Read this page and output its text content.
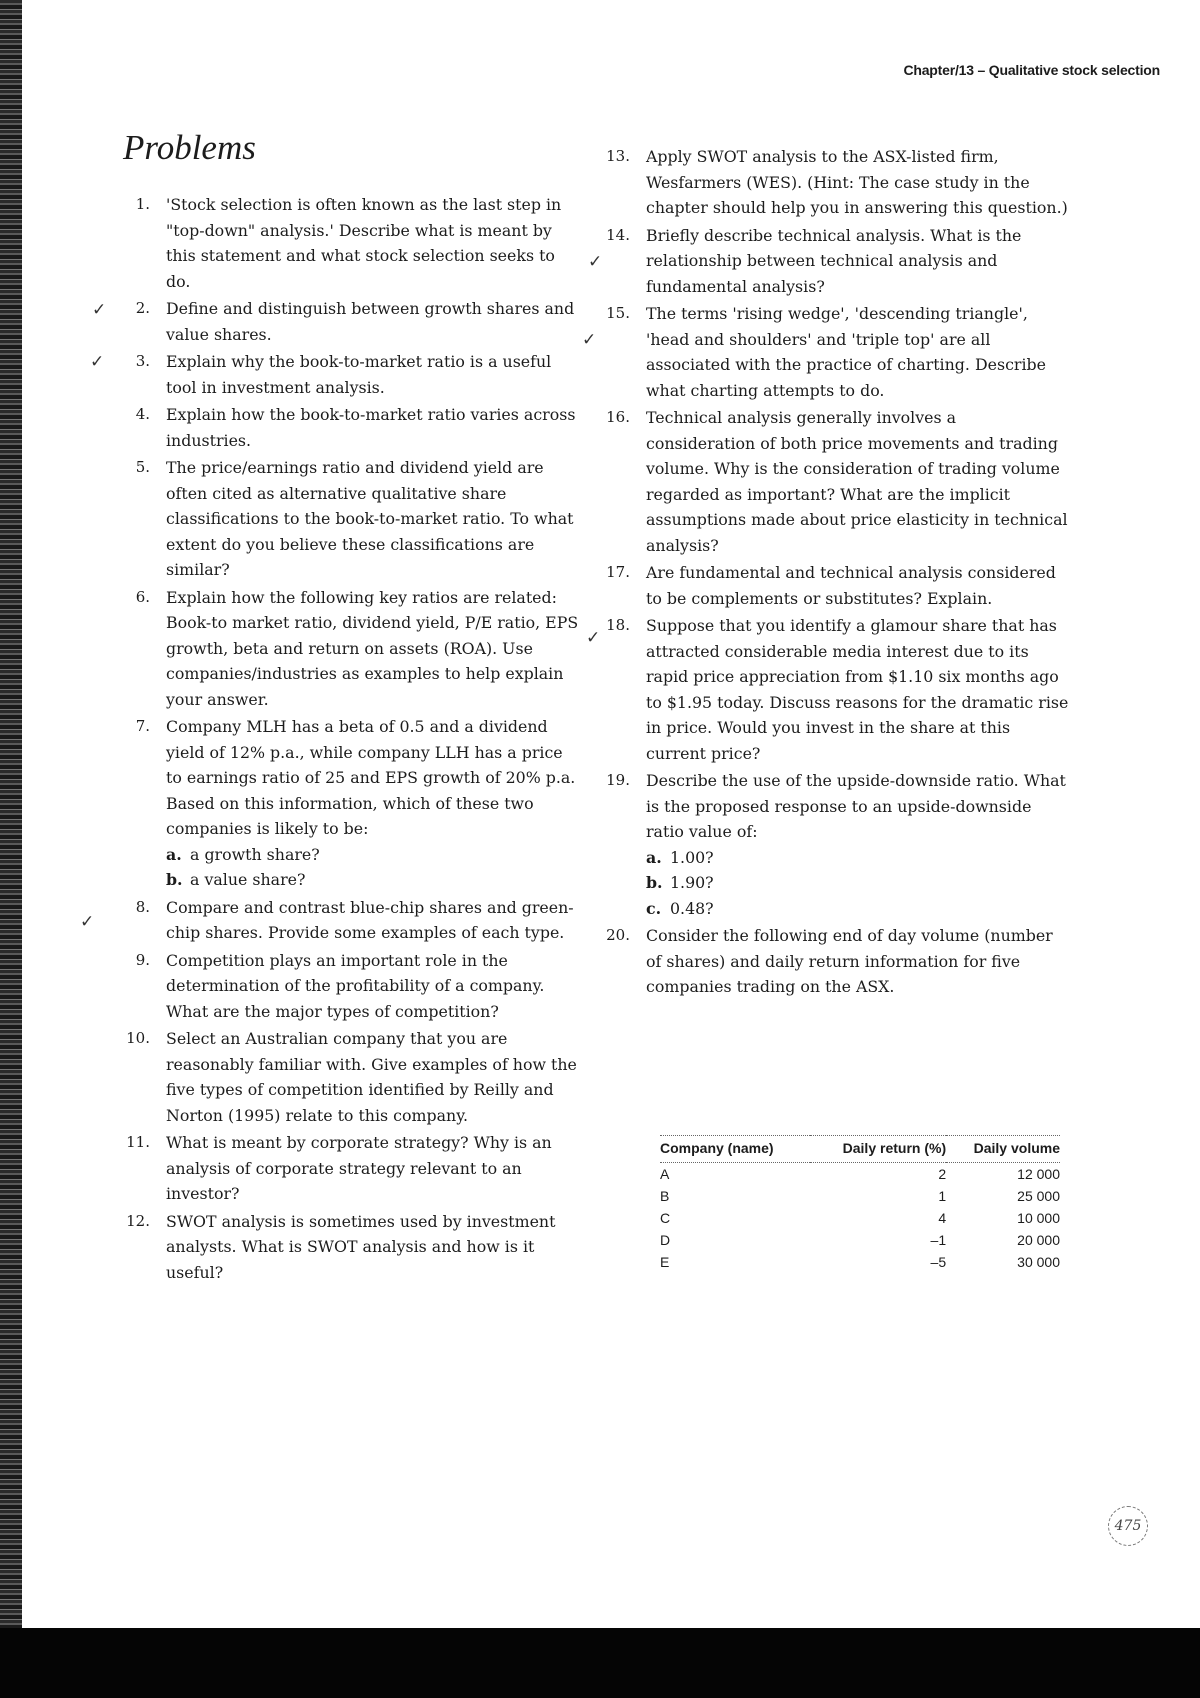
Chapter/13 – Qualitative stock selection
Problems
1. 'Stock selection is often known as the last step in "top-down" analysis.' Describe what is meant by this statement and what stock selection seeks to do.
2. Define and distinguish between growth shares and value shares.
3. Explain why the book-to-market ratio is a useful tool in investment analysis.
4. Explain how the book-to-market ratio varies across industries.
5. The price/earnings ratio and dividend yield are often cited as alternative qualitative share classifications to the book-to-market ratio. To what extent do you believe these classifications are similar?
6. Explain how the following key ratios are related: Book-to market ratio, dividend yield, P/E ratio, EPS growth, beta and return on assets (ROA). Use companies/industries as examples to help explain your answer.
7. Company MLH has a beta of 0.5 and a dividend yield of 12% p.a., while company LLH has a price to earnings ratio of 25 and EPS growth of 20% p.a. Based on this information, which of these two companies is likely to be:
a. a growth share?
b. a value share?
8. Compare and contrast blue-chip shares and green-chip shares. Provide some examples of each type.
9. Competition plays an important role in the determination of the profitability of a company. What are the major types of competition?
10. Select an Australian company that you are reasonably familiar with. Give examples of how the five types of competition identified by Reilly and Norton (1995) relate to this company.
11. What is meant by corporate strategy? Why is an analysis of corporate strategy relevant to an investor?
12. SWOT analysis is sometimes used by investment analysts. What is SWOT analysis and how is it useful?
13. Apply SWOT analysis to the ASX-listed firm, Wesfarmers (WES). (Hint: The case study in the chapter should help you in answering this question.)
14. Briefly describe technical analysis. What is the relationship between technical analysis and fundamental analysis?
15. The terms 'rising wedge', 'descending triangle', 'head and shoulders' and 'triple top' are all associated with the practice of charting. Describe what charting attempts to do.
16. Technical analysis generally involves a consideration of both price movements and trading volume. Why is the consideration of trading volume regarded as important? What are the implicit assumptions made about price elasticity in technical analysis?
17. Are fundamental and technical analysis considered to be complements or substitutes? Explain.
18. Suppose that you identify a glamour share that has attracted considerable media interest due to its rapid price appreciation from $1.10 six months ago to $1.95 today. Discuss reasons for the dramatic rise in price. Would you invest in the share at this current price?
19. Describe the use of the upside-downside ratio. What is the proposed response to an upside-downside ratio value of:
a. 1.00?
b. 1.90?
c. 0.48?
20. Consider the following end of day volume (number of shares) and daily return information for five companies trading on the ASX.
✓
✓
✓
✓
✓
✓
Company (name)	Daily return (%)	Daily volume
A	2	12 000
B	1	25 000
C	4	10 000
D	–1	20 000
E	–5	30 000
475
